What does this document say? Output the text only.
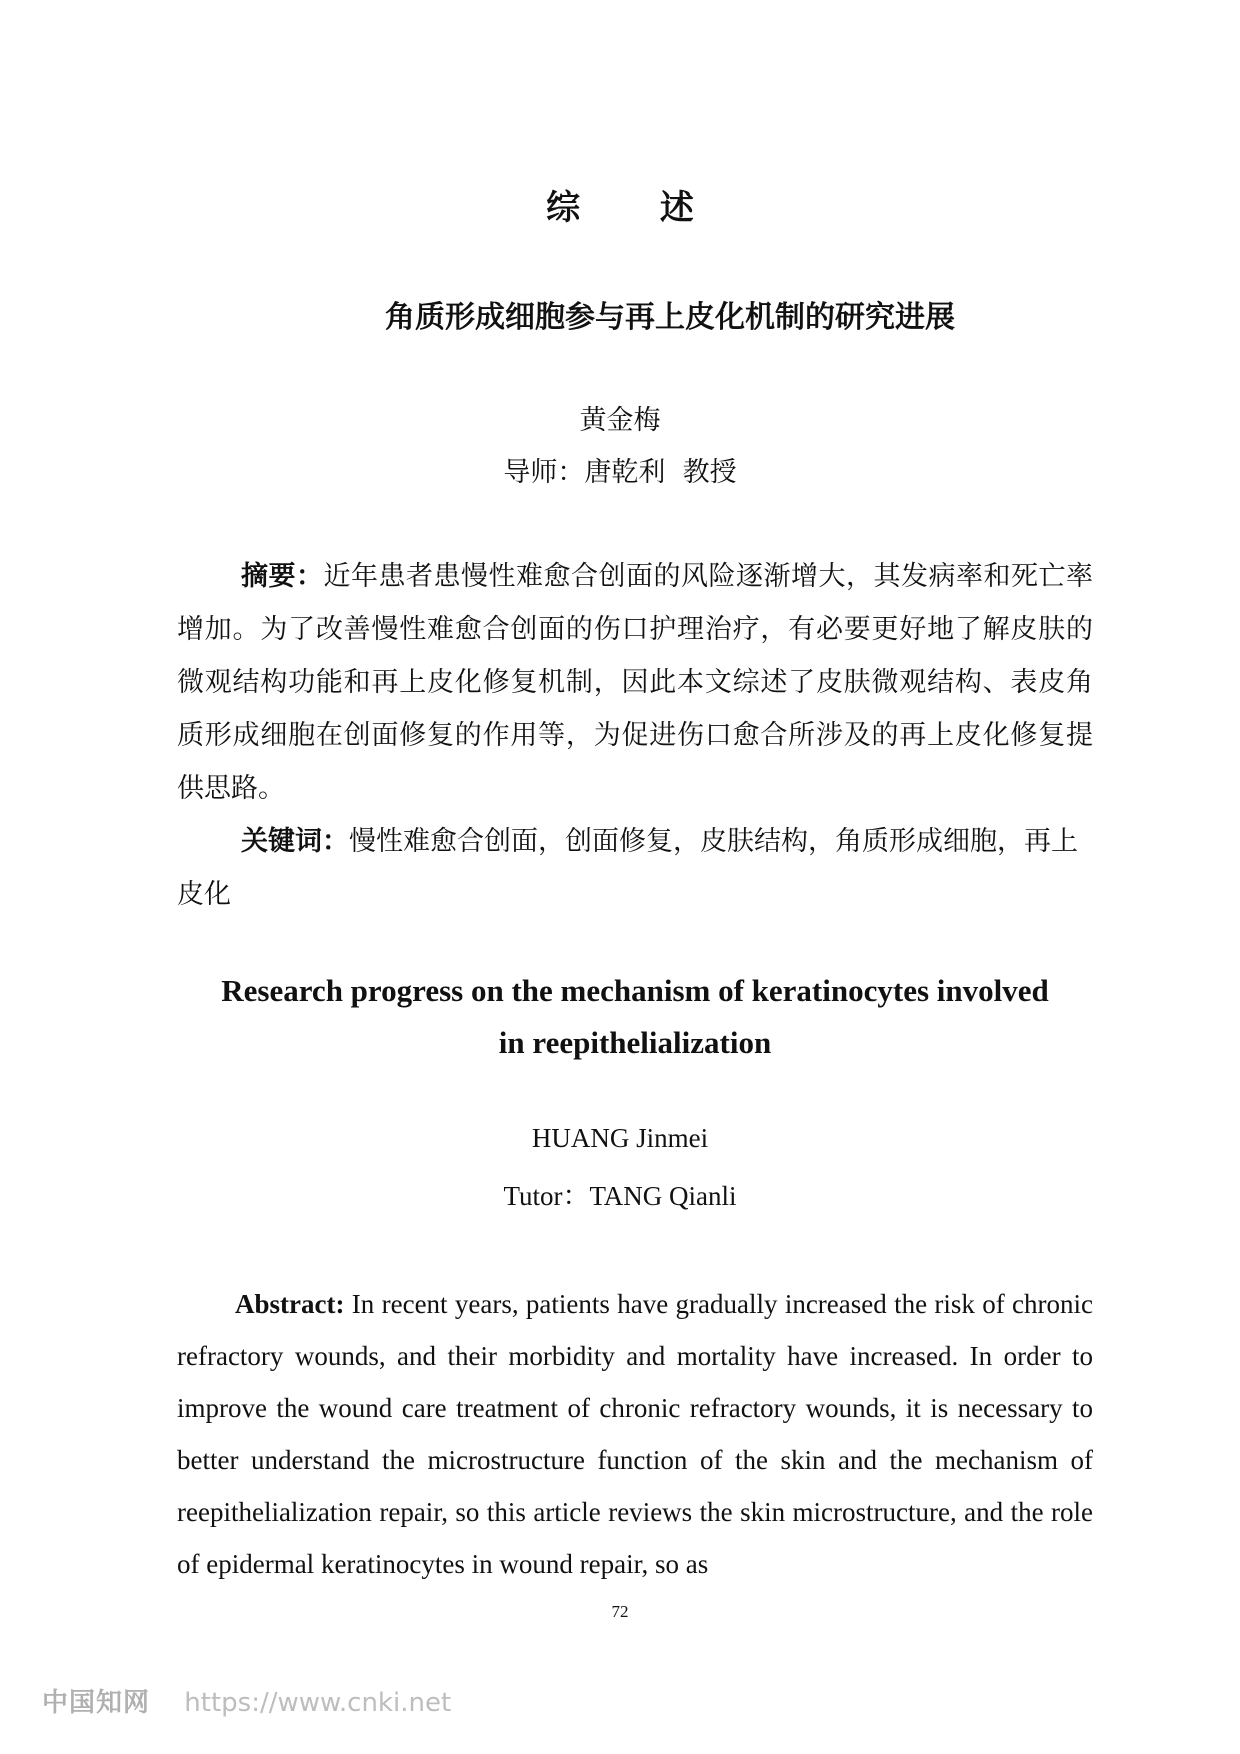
综 述
角质形成细胞参与再上皮化机制的研究进展
黄金梅
导师：唐乾利  教授

摘要：近年患者患慢性难愈合创面的风险逐渐增大，其发病率和死亡率增加。为了改善慢性难愈合创面的伤口护理治疗，有必要更好地了解皮肤的微观结构功能和再上皮化修复机制，因此本文综述了皮肤微观结构、表皮角质形成细胞在创面修复的作用等，为促进伤口愈合所涉及的再上皮化修复提供思路。

关键词：慢性难愈合创面，创面修复，皮肤结构，角质形成细胞，再上皮化

Research progress on the mechanism of keratinocytes involved
in reepithelialization
HUANG Jinmei
Tutor：TANG Qianli

Abstract: In recent years, patients have gradually increased the risk of chronic refractory wounds, and their morbidity and mortality have increased. In order to improve the wound care treatment of chronic refractory wounds, it is necessary to better understand the microstructure function of the skin and the mechanism of reepithelialization repair, so this article reviews the skin microstructure, and the role of epidermal keratinocytes in wound repair, so as

72
中国知网 https://www.cnki.net
